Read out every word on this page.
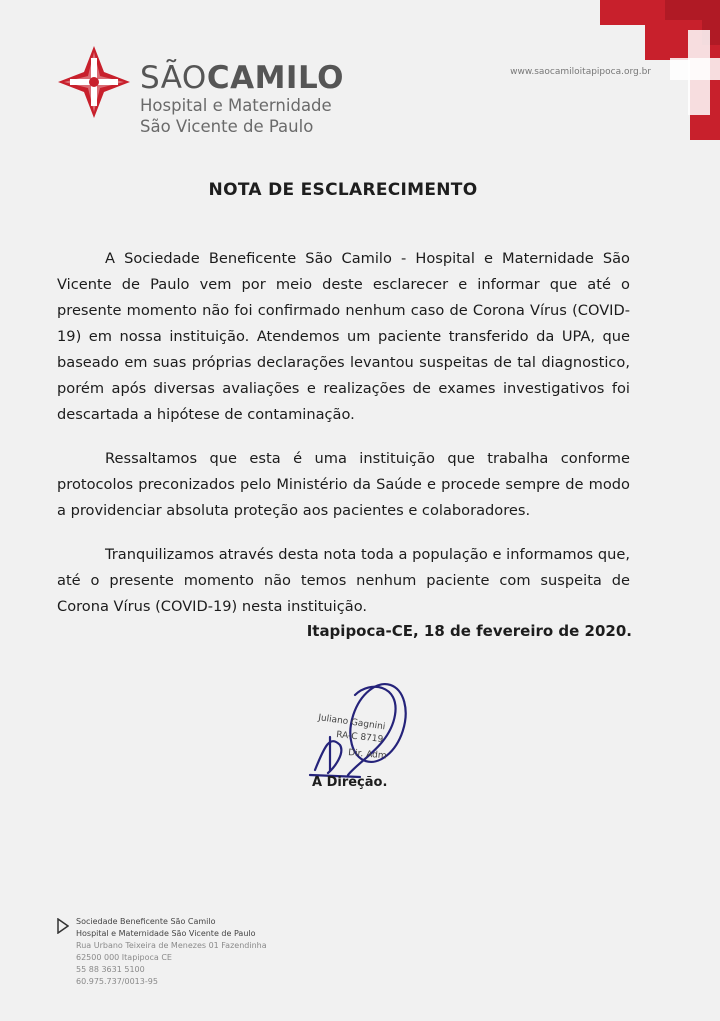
SÃOCAMILO
Hospital e Maternidade
São Vicente de Paulo
www.saocamiloitapipoca.org.br
NOTA DE ESCLARECIMENTO

A Sociedade Beneficente São Camilo - Hospital e Maternidade São Vicente de Paulo vem por meio deste esclarecer e informar que até o presente momento não foi confirmado nenhum caso de Corona Vírus (COVID-19) em nossa instituição. Atendemos um paciente transferido da UPA, que baseado em suas próprias declarações levantou suspeitas de tal diagnostico, porém após diversas avaliações e realizações de exames investigativos foi descartada a hipótese de contaminação.

Ressaltamos que esta é uma instituição que trabalha conforme protocolos preconizados pelo Ministério da Saúde e procede sempre de modo a providenciar absoluta proteção aos pacientes e colaboradores.

Tranquilizamos através desta nota toda a população e informamos que, até o presente momento não temos nenhum paciente com suspeita de Corona Vírus (COVID-19) nesta instituição.

Itapipoca-CE, 18 de fevereiro de 2020.
Juliano Gagnini
RA-C 8719
Dir. Adm
A Direção.
Sociedade Beneficente São Camilo
Hospital e Maternidade São Vicente de Paulo
Rua Urbano Teixeira de Menezes 01 Fazendinha
62500 000 Itapipoca CE
55 88 3631 5100
60.975.737/0013-95
